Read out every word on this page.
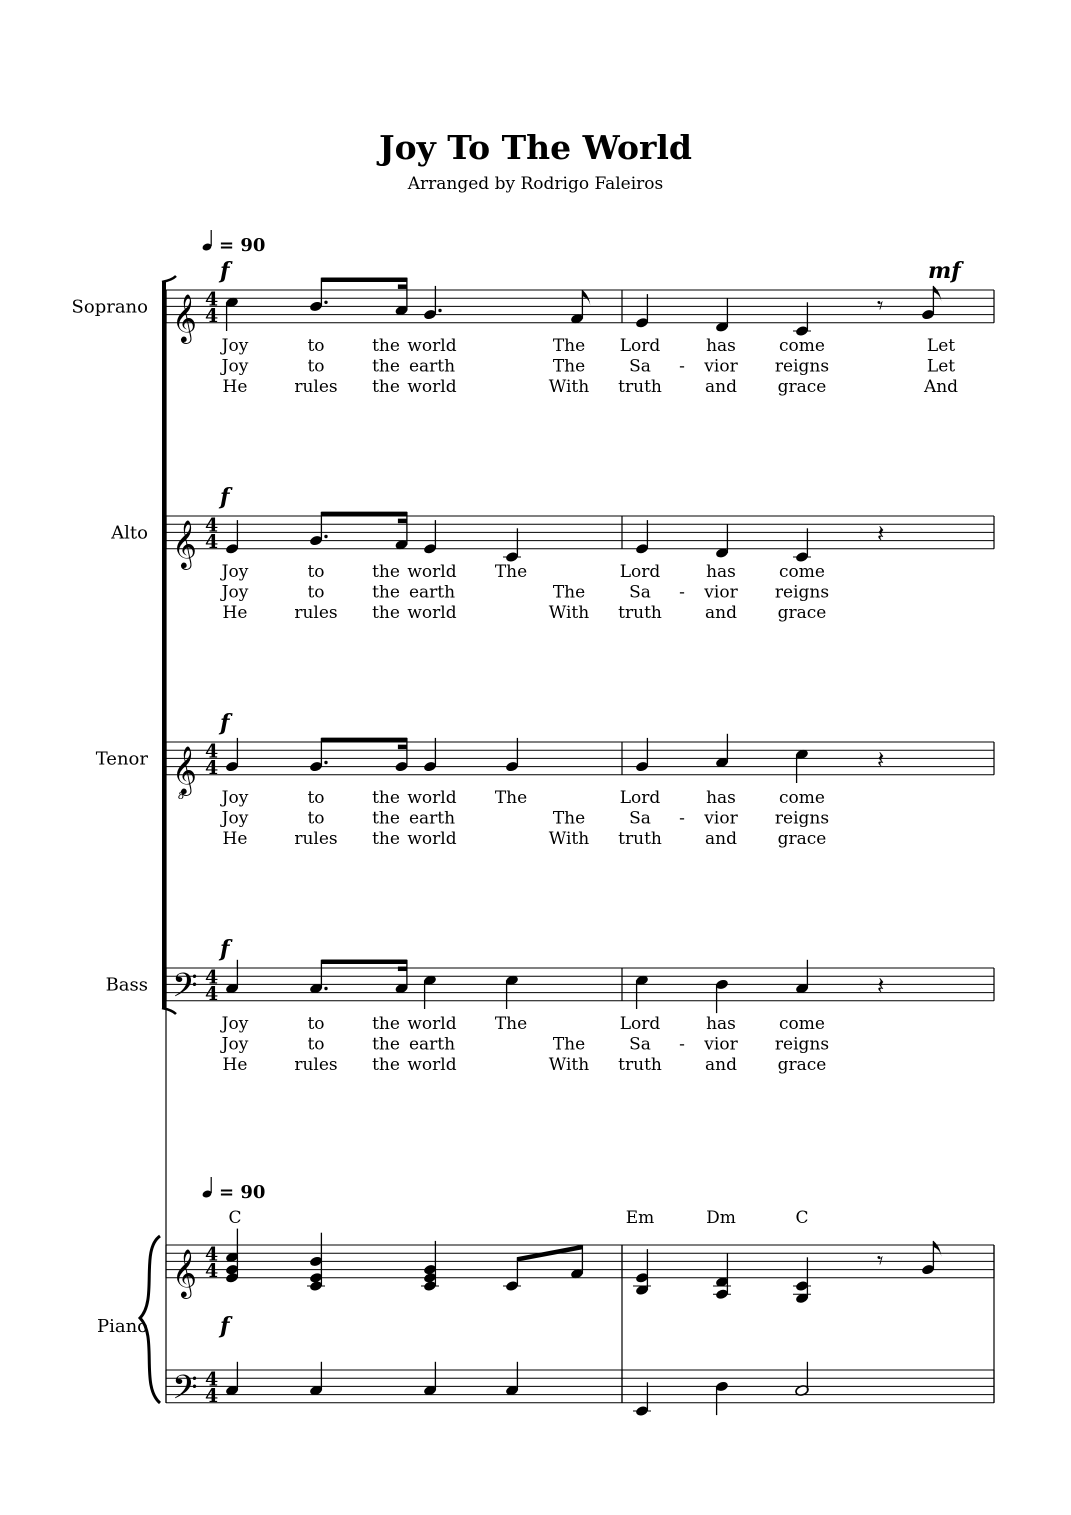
Joy To The World
Arranged by Rodrigo Faleiros
𝄞 4
4
𝄞 4
4
𝄞
8
4
4
𝄢 4
4
𝄞 4
4
𝄢 4
4
𝄾
𝄽
𝄽
𝄽
𝄾
Soprano
f	mf
Joy	to	the world	The Lord	has	come	Let
Joy	to	the earth	The	Sa - vior reigns	Let
He	rules the world	With truth	and grace	And
Alto
f
Joy	to	the world The	Lord	has	come
Joy	to	the earth	The	Sa - vior reigns
He	rules the world	With truth	and grace
Tenor
f
Joy	to	the world The	Lord	has	come
Joy	to	the earth	The	Sa - vior reigns
He	rules the world	With truth	and grace
Bass
f
Joy	to	the world The	Lord	has	come
Joy	to	the earth	The	Sa - vior reigns
He	rules the world	With truth	and grace
= 90
Piano	f
= 90
C	Em	Dm	C
